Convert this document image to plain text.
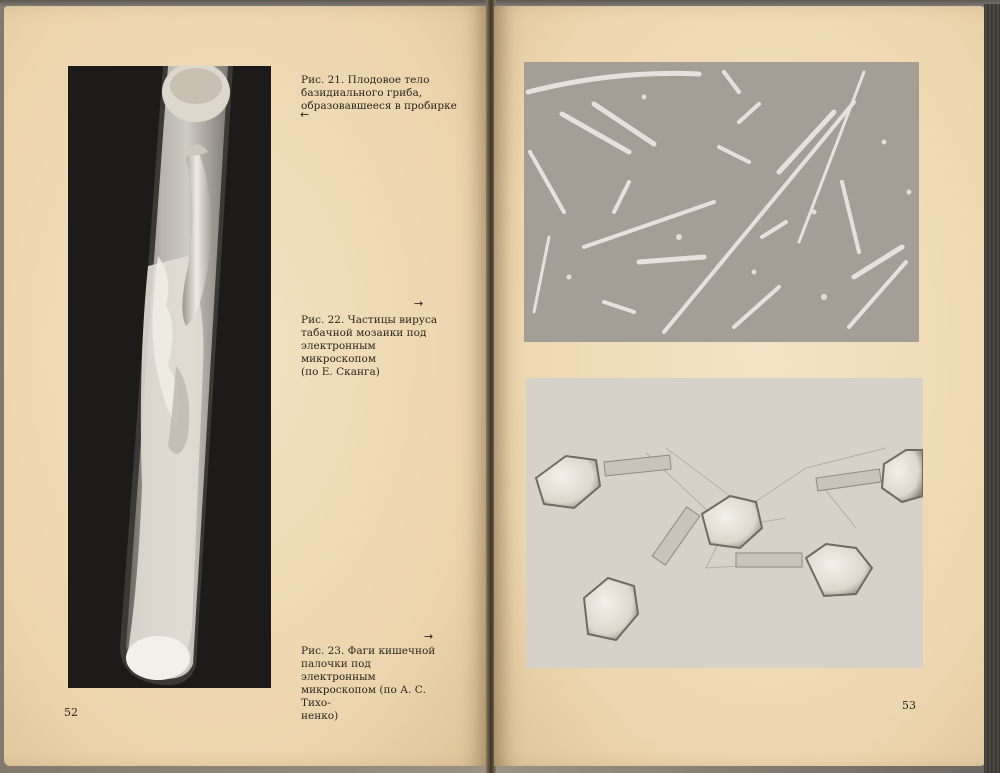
Рис. 21. Плодовое тело
базидиального гриба,
образовавшееся в пробирке
←
→
Рис. 22. Частицы вируса
табачной мозаики под
электронным микроскопом
(по Е. Сканга)
→
Рис. 23. Фаги кишечной
палочки под электронным
микроскопом (по А. С. Тихо-
ненко)
52
53
